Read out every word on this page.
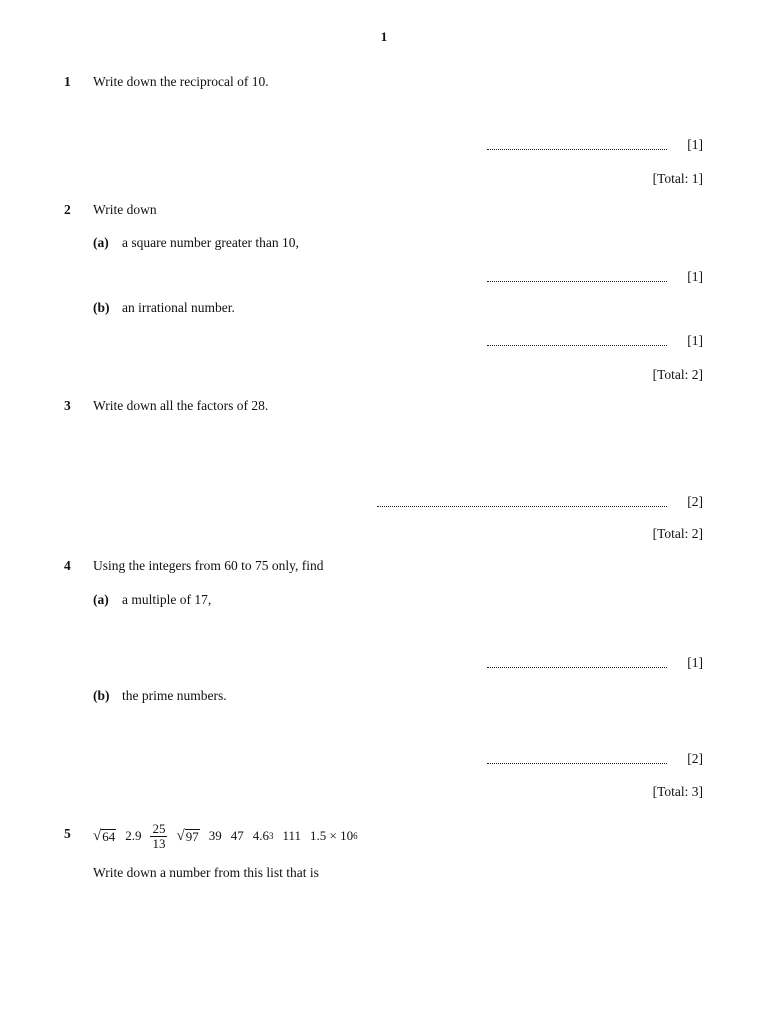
1
1 Write down the reciprocal of 10.
[1]
[Total: 1]
2 Write down
(a) a square number greater than 10,
[1]
(b) an irrational number.
[1]
[Total: 2]
3 Write down all the factors of 28.
[2]
[Total: 2]
4 Using the integers from 60 to 75 only, find
(a) a multiple of 17,
[1]
(b) the prime numbers.
[2]
[Total: 3]
5 √ 64 $2.9 \frac{25}{13}$ √ 97 39 47 4.6 3 111 1.5 × 10 6
Write down a number from this list that is
